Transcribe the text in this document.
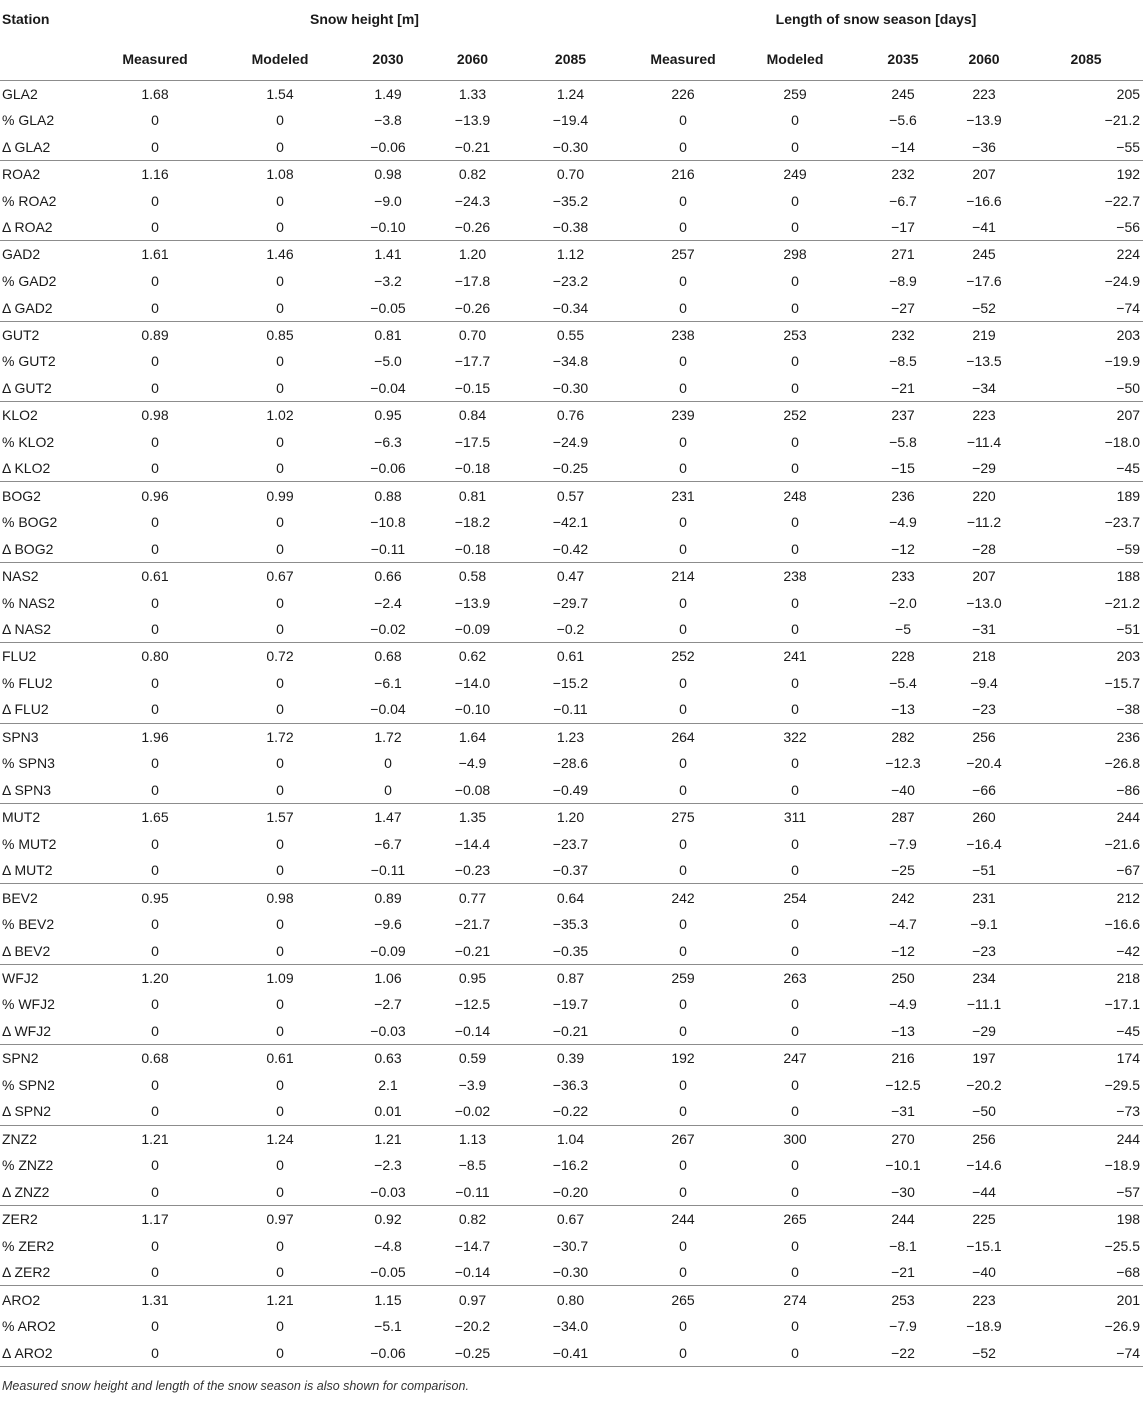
Station		Snow height [m]						Length of snow season [days]			
	Measured	Modeled	2030	2060	2085		Measured	Modeled	2035	2060	2085
GLA2	1.68	1.54	1.49	1.33	1.24		226	259	245	223	205
% GLA2	0	0	−3.8	−13.9	−19.4		0	0	−5.6	−13.9	−21.2
Δ GLA2	0	0	−0.06	−0.21	−0.30		0	0	−14	−36	−55
ROA2	1.16	1.08	0.98	0.82	0.70		216	249	232	207	192
% ROA2	0	0	−9.0	−24.3	−35.2		0	0	−6.7	−16.6	−22.7
Δ ROA2	0	0	−0.10	−0.26	−0.38		0	0	−17	−41	−56
GAD2	1.61	1.46	1.41	1.20	1.12		257	298	271	245	224
% GAD2	0	0	−3.2	−17.8	−23.2		0	0	−8.9	−17.6	−24.9
Δ GAD2	0	0	−0.05	−0.26	−0.34		0	0	−27	−52	−74
GUT2	0.89	0.85	0.81	0.70	0.55		238	253	232	219	203
% GUT2	0	0	−5.0	−17.7	−34.8		0	0	−8.5	−13.5	−19.9
Δ GUT2	0	0	−0.04	−0.15	−0.30		0	0	−21	−34	−50
KLO2	0.98	1.02	0.95	0.84	0.76		239	252	237	223	207
% KLO2	0	0	−6.3	−17.5	−24.9		0	0	−5.8	−11.4	−18.0
Δ KLO2	0	0	−0.06	−0.18	−0.25		0	0	−15	−29	−45
BOG2	0.96	0.99	0.88	0.81	0.57		231	248	236	220	189
% BOG2	0	0	−10.8	−18.2	−42.1		0	0	−4.9	−11.2	−23.7
Δ BOG2	0	0	−0.11	−0.18	−0.42		0	0	−12	−28	−59
NAS2	0.61	0.67	0.66	0.58	0.47		214	238	233	207	188
% NAS2	0	0	−2.4	−13.9	−29.7		0	0	−2.0	−13.0	−21.2
Δ NAS2	0	0	−0.02	−0.09	−0.2		0	0	−5	−31	−51
FLU2	0.80	0.72	0.68	0.62	0.61		252	241	228	218	203
% FLU2	0	0	−6.1	−14.0	−15.2		0	0	−5.4	−9.4	−15.7
Δ FLU2	0	0	−0.04	−0.10	−0.11		0	0	−13	−23	−38
SPN3	1.96	1.72	1.72	1.64	1.23		264	322	282	256	236
% SPN3	0	0	0	−4.9	−28.6		0	0	−12.3	−20.4	−26.8
Δ SPN3	0	0	0	−0.08	−0.49		0	0	−40	−66	−86
MUT2	1.65	1.57	1.47	1.35	1.20		275	311	287	260	244
% MUT2	0	0	−6.7	−14.4	−23.7		0	0	−7.9	−16.4	−21.6
Δ MUT2	0	0	−0.11	−0.23	−0.37		0	0	−25	−51	−67
BEV2	0.95	0.98	0.89	0.77	0.64		242	254	242	231	212
% BEV2	0	0	−9.6	−21.7	−35.3		0	0	−4.7	−9.1	−16.6
Δ BEV2	0	0	−0.09	−0.21	−0.35		0	0	−12	−23	−42
WFJ2	1.20	1.09	1.06	0.95	0.87		259	263	250	234	218
% WFJ2	0	0	−2.7	−12.5	−19.7		0	0	−4.9	−11.1	−17.1
Δ WFJ2	0	0	−0.03	−0.14	−0.21		0	0	−13	−29	−45
SPN2	0.68	0.61	0.63	0.59	0.39		192	247	216	197	174
% SPN2	0	0	2.1	−3.9	−36.3		0	0	−12.5	−20.2	−29.5
Δ SPN2	0	0	0.01	−0.02	−0.22		0	0	−31	−50	−73
ZNZ2	1.21	1.24	1.21	1.13	1.04		267	300	270	256	244
% ZNZ2	0	0	−2.3	−8.5	−16.2		0	0	−10.1	−14.6	−18.9
Δ ZNZ2	0	0	−0.03	−0.11	−0.20		0	0	−30	−44	−57
ZER2	1.17	0.97	0.92	0.82	0.67		244	265	244	225	198
% ZER2	0	0	−4.8	−14.7	−30.7		0	0	−8.1	−15.1	−25.5
Δ ZER2	0	0	−0.05	−0.14	−0.30		0	0	−21	−40	−68
ARO2	1.31	1.21	1.15	0.97	0.80		265	274	253	223	201
% ARO2	0	0	−5.1	−20.2	−34.0		0	0	−7.9	−18.9	−26.9
Δ ARO2	0	0	−0.06	−0.25	−0.41		0	0	−22	−52	−74
Measured snow height and length of the snow season is also shown for comparison.
